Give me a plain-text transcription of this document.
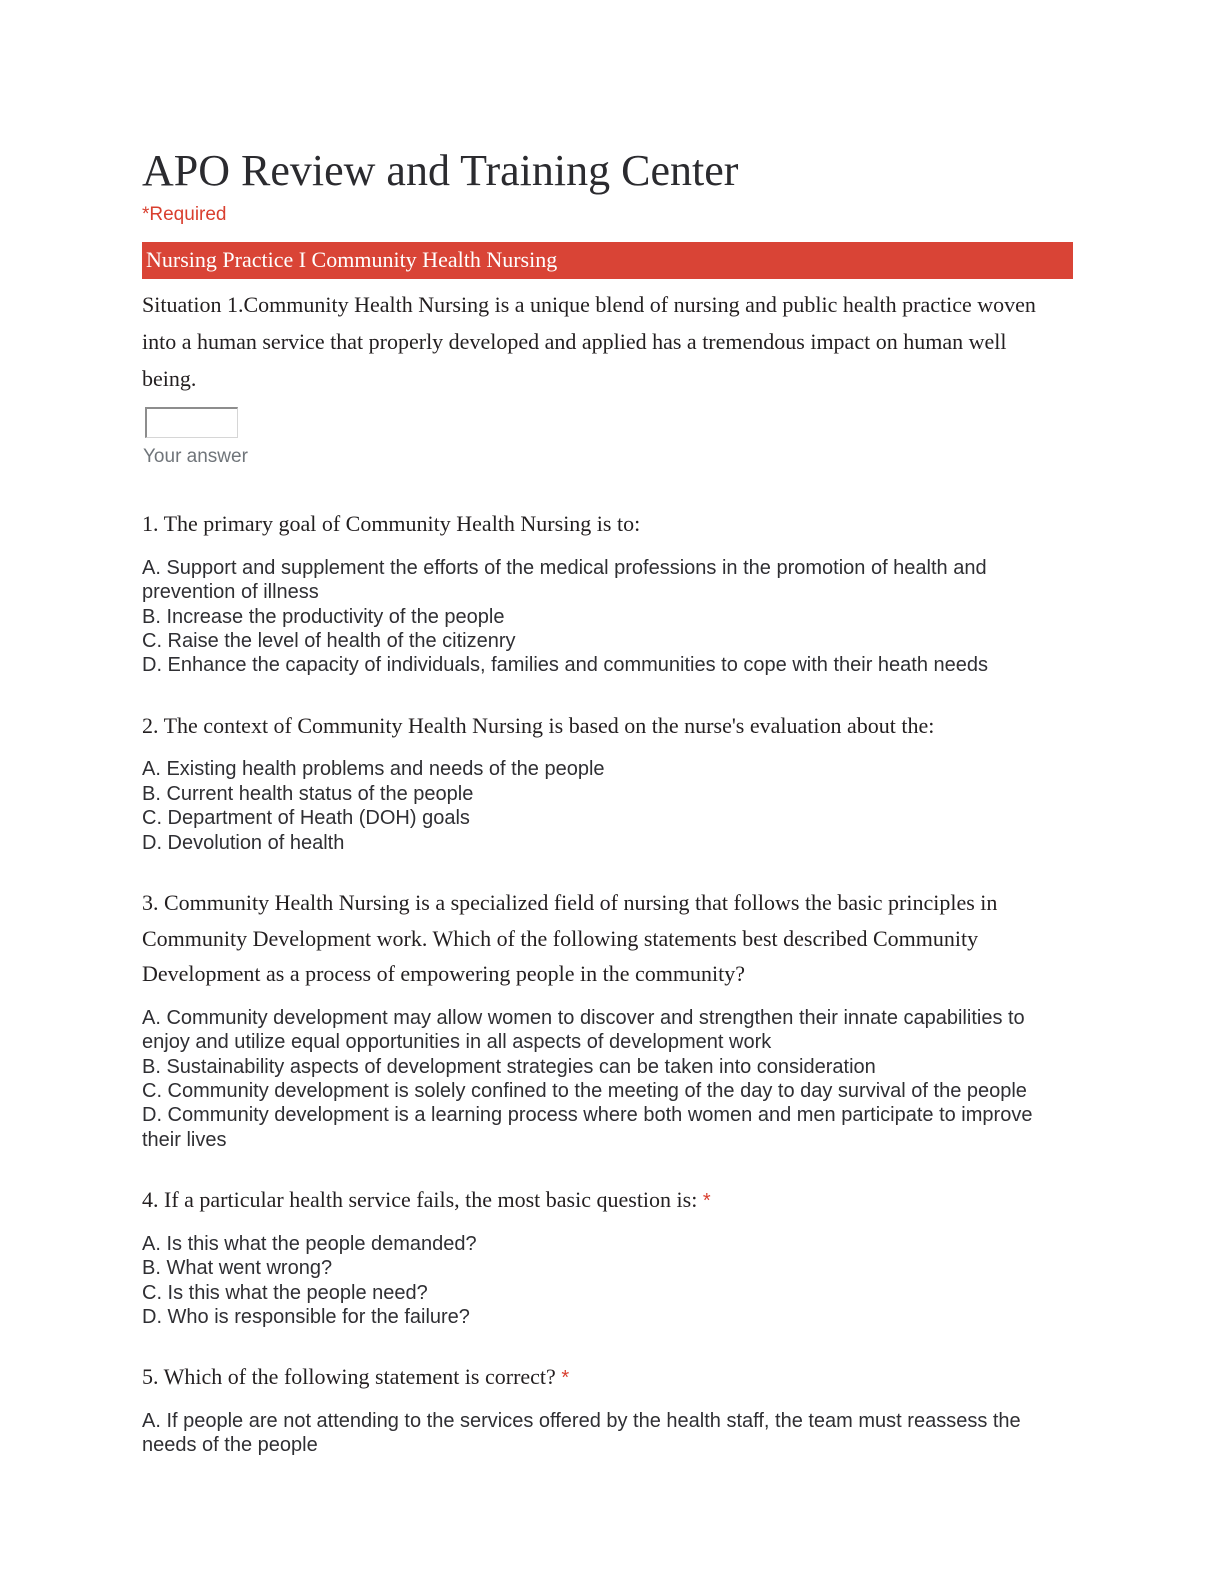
APO Review and Training Center
*Required
Nursing Practice I Community Health Nursing
Situation 1.Community Health Nursing is a unique blend of nursing and public health practice woven into a human service that properly developed and applied has a tremendous impact on human well being.
Your answer
1. The primary goal of Community Health Nursing is to:
A. Support and supplement the efforts of the medical professions in the promotion of health and prevention of illness
B. Increase the productivity of the people
C. Raise the level of health of the citizenry
D. Enhance the capacity of individuals, families and communities to cope with their heath needs
2. The context of Community Health Nursing is based on the nurse's evaluation about the:
A. Existing health problems and needs of the people
B. Current health status of the people
C. Department of Heath (DOH) goals
D. Devolution of health
3. Community Health Nursing is a specialized field of nursing that follows the basic principles in Community Development work. Which of the following statements best described Community Development as a process of empowering people in the community?
A. Community development may allow women to discover and strengthen their innate capabilities to enjoy and utilize equal opportunities in all aspects of development work
B. Sustainability aspects of development strategies can be taken into consideration
C. Community development is solely confined to the meeting of the day to day survival of the people
D. Community development is a learning process where both women and men participate to improve their lives
4. If a particular health service fails, the most basic question is: *
A. Is this what the people demanded?
B. What went wrong?
C. Is this what the people need?
D. Who is responsible for the failure?
5. Which of the following statement is correct? *
A. If people are not attending to the services offered by the health staff, the team must reassess the needs of the people
